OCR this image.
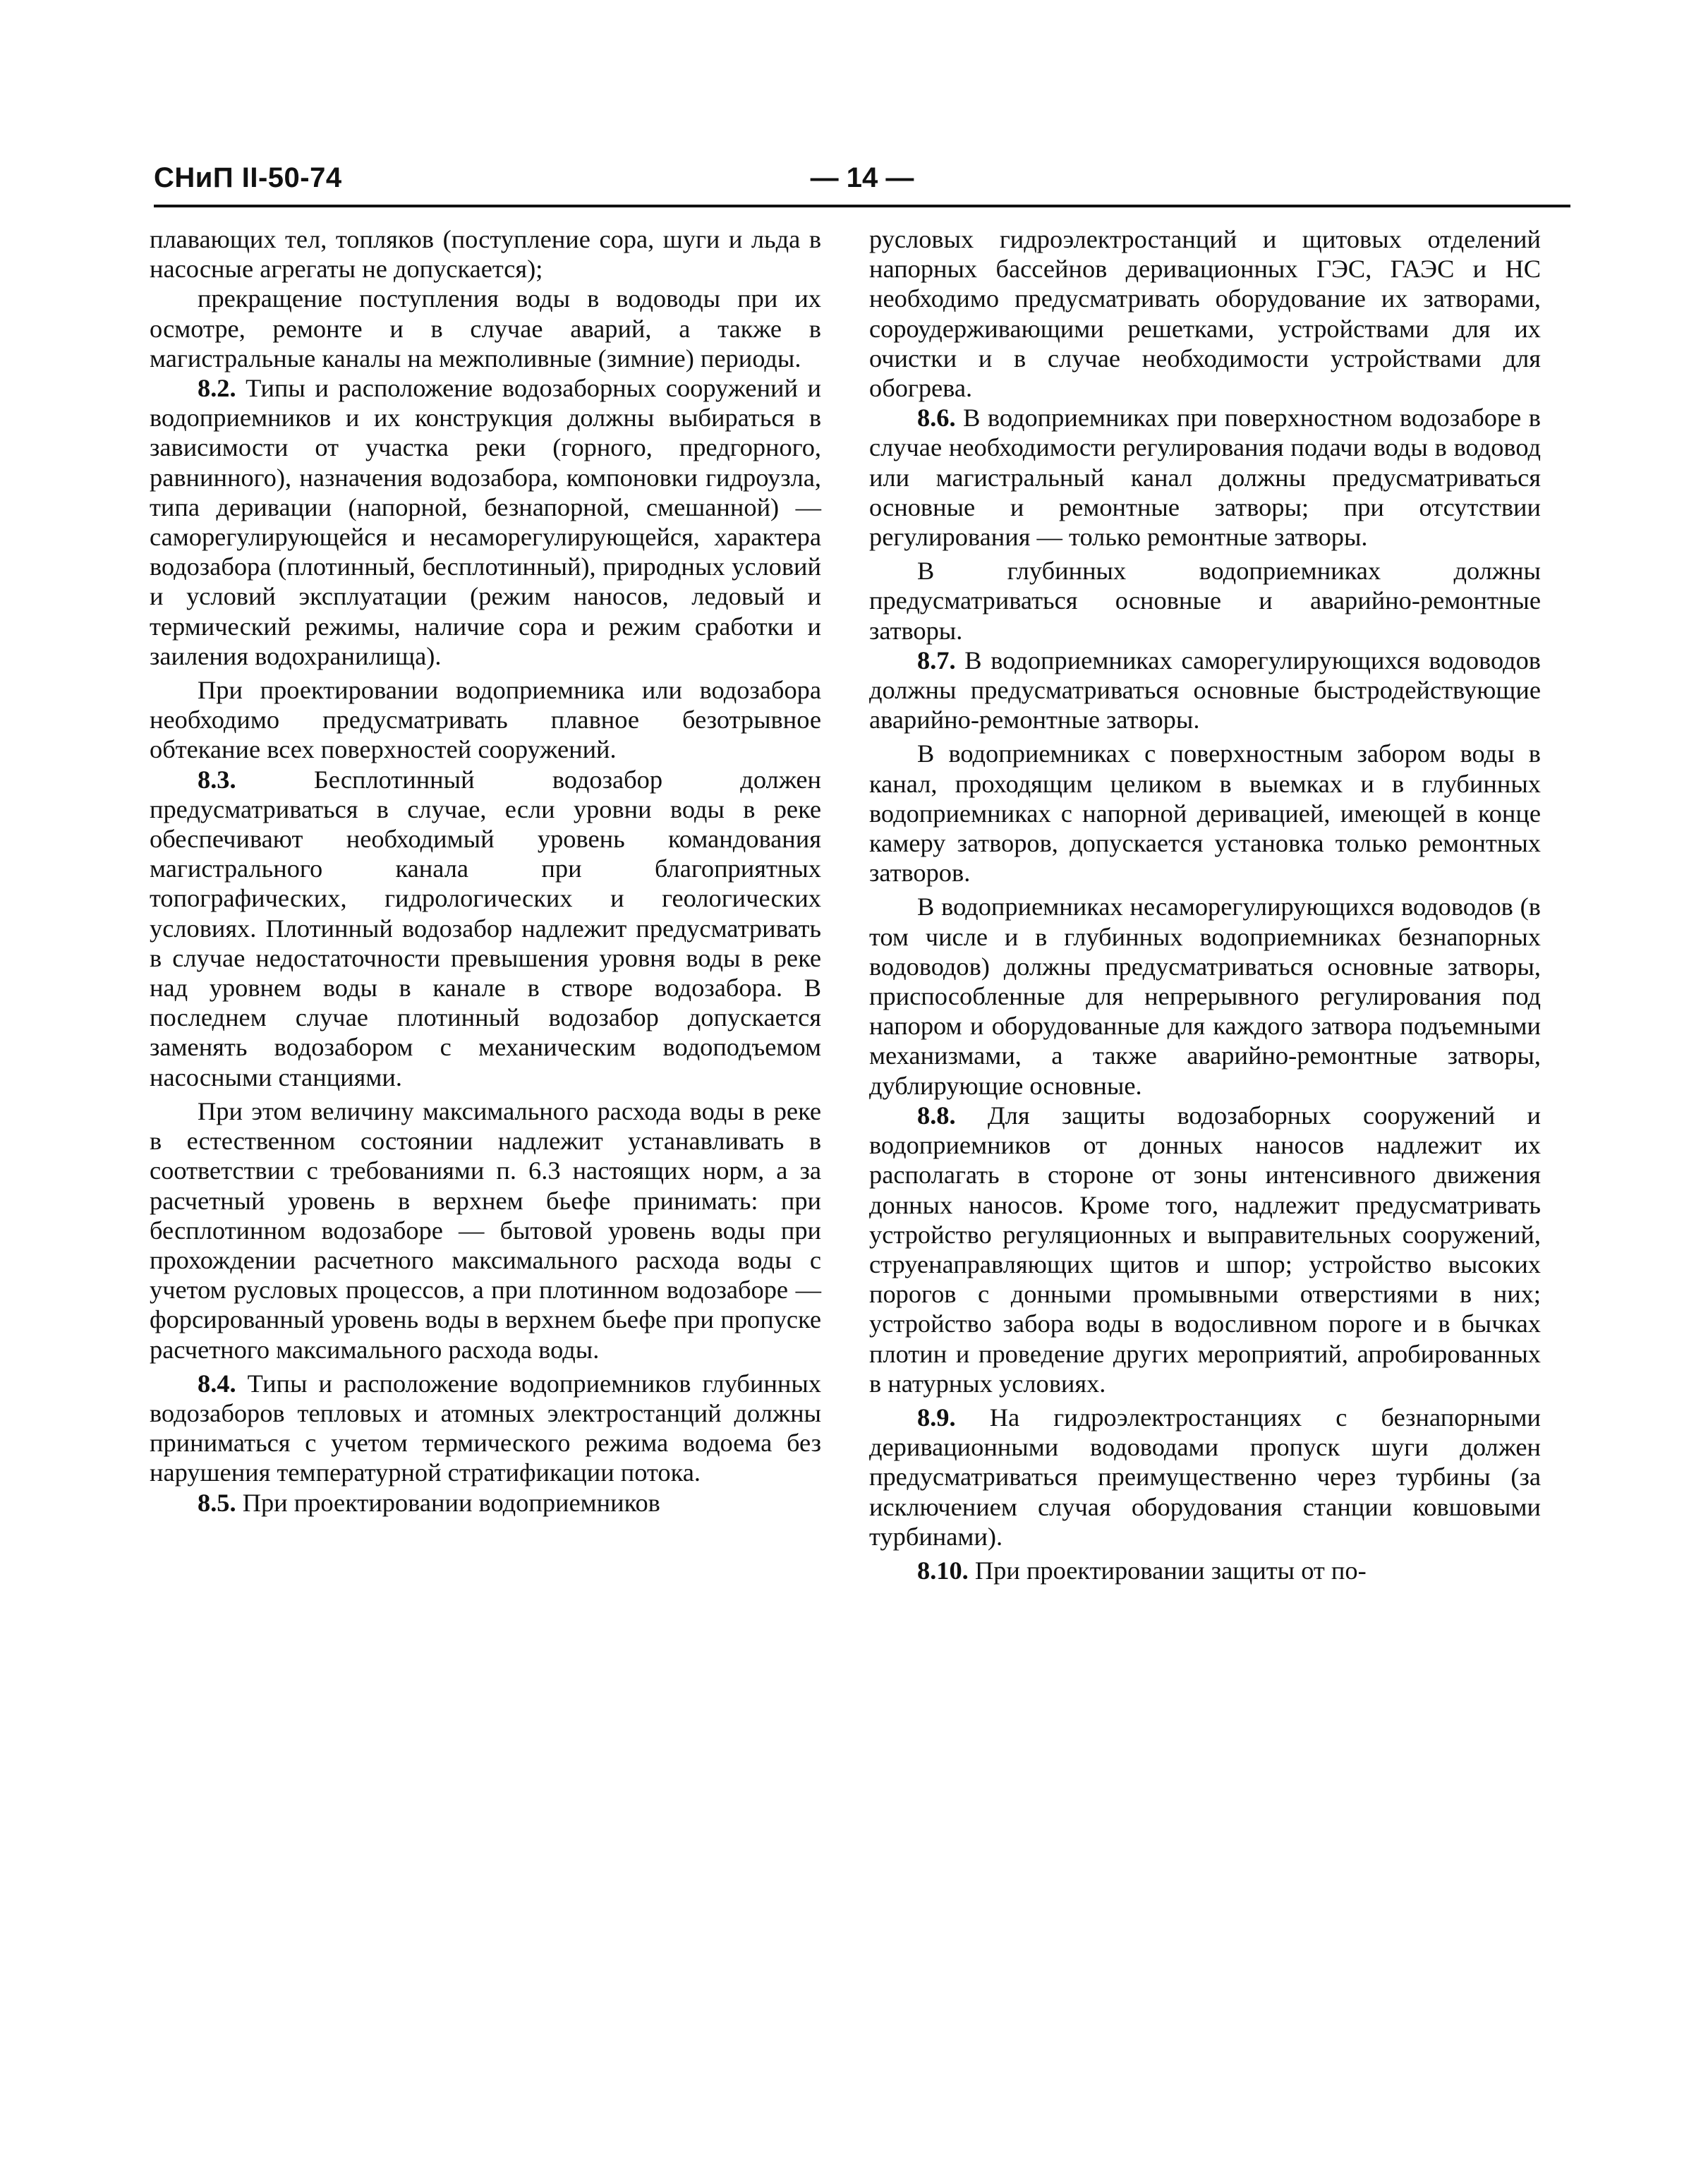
СНиП II-50-74	— 14 —

плавающих тел, топляков (поступление сора, шуги и льда в насосные агрегаты не допускается);

прекращение поступления воды в водоводы при их осмотре, ремонте и в случае аварий, а также в магистральные каналы на межполивные (зимние) периоды.

8.2. Типы и расположение водозаборных сооружений и водоприемников и их конструкция должны выбираться в зависимости от участка реки (горного, предгорного, равнинного), назначения водозабора, компоновки гидроузла, типа деривации (напорной, безнапорной, смешанной) — саморегулирующейся и несаморегулирующейся, характера водозабора (плотинный, бесплотинный), природных условий и условий эксплуатации (режим наносов, ледовый и термический режимы, наличие сора и режим сработки и заиления водохранилища).

При проектировании водоприемника или водозабора необходимо предусматривать плавное безотрывное обтекание всех поверхностей сооружений.

8.3.	Бесплотинный водозабор должен предусматриваться в случае, если уровни воды в реке обеспечивают необходимый уровень командования магистрального канала при благоприятных топографических, гидрологических и геологических условиях. Плотинный водозабор надлежит предусматривать в случае недостаточности превышения уровня воды в реке над уровнем воды в канале в створе водозабора. В последнем случае плотинный водозабор допускается заменять водозабором с механическим водоподъемом насосными станциями.

При этом величину максимального расхода воды в реке в естественном состоянии надлежит устанавливать в соответствии с требованиями п. 6.3 настоящих норм, а за расчетный уровень в верхнем бьефе принимать: при бесплотинном водозаборе — бытовой уровень воды при прохождении расчетного максимального расхода воды с учетом русловых процессов, а при плотинном водозаборе — форсированный уровень воды в верхнем бьефе при пропуске расчетного максимального расхода воды.

8.4. Типы и расположение водоприемников глубинных водозаборов тепловых и атомных электростанций должны приниматься с учетом термического режима водоема без нарушения температурной стратификации потока.

8.5. При проектировании водоприемников

русловых гидроэлектростанций и щитовых отделений напорных бассейнов деривационных ГЭС, ГАЭС и НС необходимо предусматривать оборудование их затворами, сороудерживающими решетками, устройствами для их очистки и в случае необходимости устройствами для обогрева.

8.6. В водоприемниках при поверхностном водозаборе в случае необходимости регулирования подачи воды в водовод или магистральный канал должны предусматриваться основные и ремонтные затворы; при отсутствии регулирования — только ремонтные затворы.

В глубинных водоприемниках должны предусматриваться основные и аварийно-ремонтные затворы.

8.7. В водоприемниках саморегулирующихся водоводов должны предусматриваться основные быстродействующие аварийно-ремонтные затворы.

В водоприемниках с поверхностным забором воды в канал, проходящим целиком в выемках и в глубинных водоприемниках с напорной деривацией, имеющей в конце камеру затворов, допускается установка только ремонтных затворов.

В водоприемниках несаморегулирующихся водоводов (в том числе и в глубинных водоприемниках безнапорных водоводов) должны предусматриваться основные затворы, приспособленные для непрерывного регулирования под напором и оборудованные для каждого затвора подъемными механизмами, а также аварийно-ремонтные затворы, дублирующие основные.

8.8. Для защиты водозаборных сооружений и водоприемников от донных наносов надлежит их располагать в стороне от зоны интенсивного движения донных наносов. Кроме того, надлежит предусматривать устройство регуляционных и выправительных сооружений, струенаправляющих щитов и шпор; устройство высоких порогов с донными промывными отверстиями в них; устройство забора воды в водосливном пороге и в бычках плотин и проведение других мероприятий, апробированных в натурных условиях.

8.9. На гидроэлектростанциях с безнапорными деривационными водоводами пропуск шуги должен предусматриваться преимущественно через турбины (за исключением случая оборудования станции ковшовыми турбинами).

8.10. При проектировании защиты от по-
